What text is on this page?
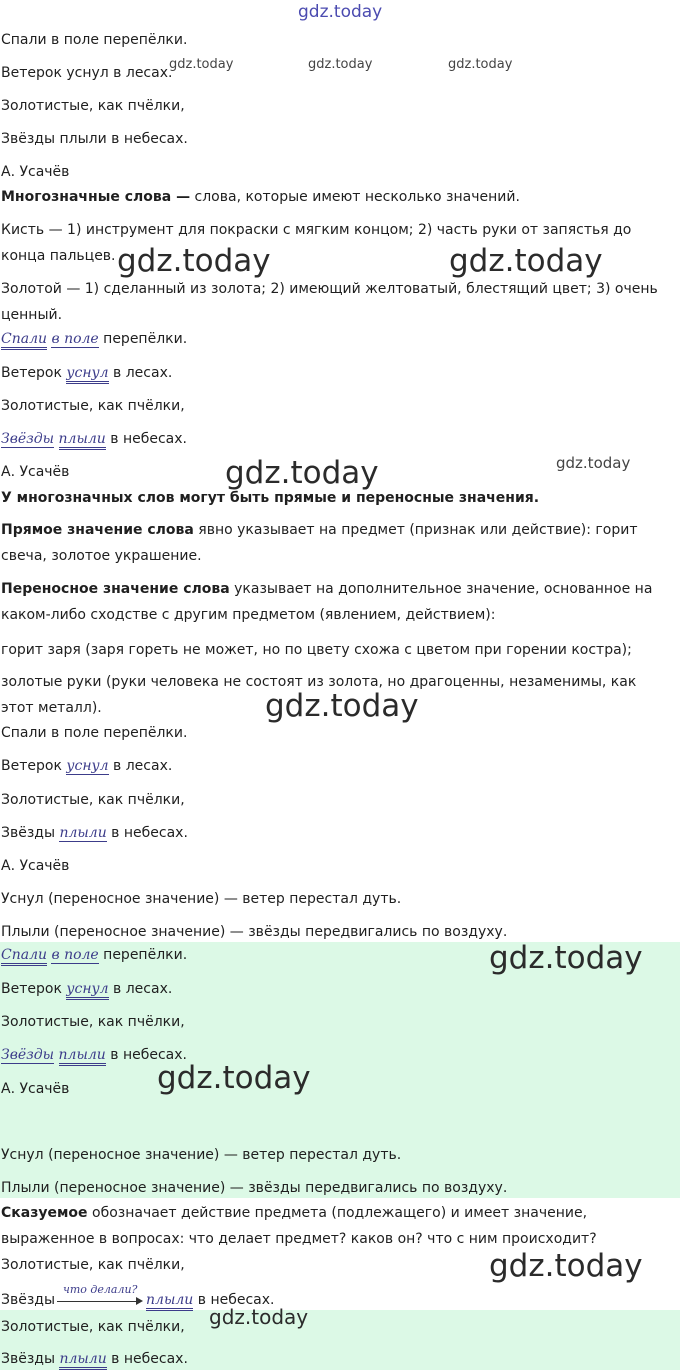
Спали в поле перепёлки.
Ветерок уснул в лесах.
Золотистые, как пчёлки,
Звёзды плыли в небесах.
А. Усачёв
Многозначные слова — слова, которые имеют несколько значений.
Кисть — 1) инструмент для покраски с мягким концом; 2) часть руки от запястья до конца пальцев.
Золотой — 1) сделанный из золота; 2) имеющий желтоватый, блестящий цвет; 3) очень ценный.
Спали в поле перепёлки.
Ветерок уснул в лесах.
Золотистые, как пчёлки,
Звёзды плыли в небесах.
А. Усачёв
У многозначных слов могут быть прямые и переносные значения.
Прямое значение слова явно указывает на предмет (признак или действие): горит свеча, золотое украшение.
Переносное значение слова указывает на дополнительное значение, основанное на каком-либо сходстве с другим предметом (явлением, действием):
горит заря (заря гореть не может, но по цвету схожа с цветом при горении костра);
золотые руки (руки человека не состоят из золота, но драгоценны, незаменимы, как этот металл).
Спали в поле перепёлки.
Ветерок уснул в лесах.
Золотистые, как пчёлки,
Звёзды плыли в небесах.
А. Усачёв
Уснул (переносное значение) — ветер перестал дуть.
Плыли (переносное значение) — звёзды передвигались по воздуху.
Спали в поле перепёлки.
Ветерок уснул в лесах.
Золотистые, как пчёлки,
Звёзды плыли в небесах.
А. Усачёв
Уснул (переносное значение) — ветер перестал дуть.
Плыли (переносное значение) — звёзды передвигались по воздуху.
Сказуемое обозначает действие предмета (подлежащего) и имеет значение, выраженное в вопросах: что делает предмет? каков он? что с ним происходит?
Золотистые, как пчёлки,
Звёзды
что делали?
плыли в небесах.
Золотистые, как пчёлки,
Звёзды плыли в небесах.
gdz.today
gdz.today	gdz.today	gdz.today
gdz.today	gdz.today
gdz.today	gdz.today
gdz.today
gdz.today
gdz.today
gdz.today
gdz.today
